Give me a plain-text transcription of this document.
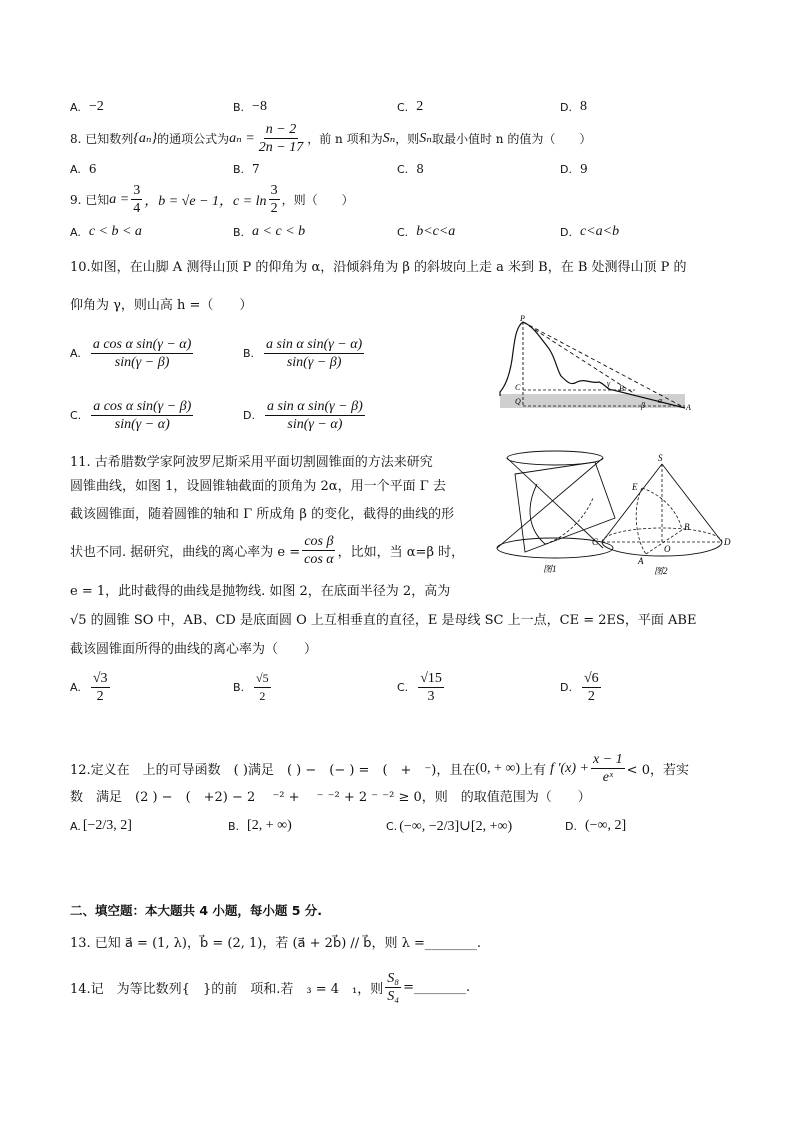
A. −2	B. −8	C. 2	D. 8
8. 已知数列 {aₙ} 的通项公式为 $a_n = \frac{n - 2}{2n - 17}$ ，前 n 项和为 Sₙ ，则 Sₙ 取最小值时 n 的值为（　　）
A. 6	B. 7	C. 8	D. 9
9. 已知 $a = \frac{3}{4}$ ，b = √e − 1，$c = \ln \frac{3}{2}$ ，则（　　）
A. c < b < a	B. a < c < b	C. b<c<a	D. c<a<b
10.如图，在山脚 A 测得山顶 P 的仰角为 α，沿倾斜角为 β 的斜坡向上走 a 米到 B，在 B 处测得山顶 P 的
仰角为 γ，则山高 h =（　　）
A. $\frac{\text{a cos α sin(γ − α)}}{\sin(\gamma - \beta)}$	B. $\frac{\text{a sin α sin(γ − α)}}{\sin(\gamma - \beta)}$
C. $\frac{\text{a cos α sin(γ − β)}}{\sin(\gamma - \alpha)}$	D. $\frac{\text{a sin α sin(γ − β)}}{\sin(\gamma - \alpha)}$
P
C
Q
B
A
γ
α
β
11. 古希腊数学家阿波罗尼斯采用平面切割圆锥面的方法来研究
圆锥曲线，如图 1，设圆锥轴截面的顶角为 2α，用一个平面 Γ 去
截该圆锥面，随着圆锥的轴和 Γ 所成角 β 的变化，截得的曲线的形
状也不同. 据研究，曲线的离心率为 $e = \frac{\text{cos β}}{\text{cos α}}$ ，比如，当 α=β 时，
e = 1，此时截得的曲线是抛物线. 如图 2，在底面半径为 2，高为
√5 的圆锥 SO 中，AB、CD 是底面圆 O 上互相垂直的直径，E 是母线 SC 上一点，CE = 2ES，平面 ABE
截该圆锥面所得的曲线的离心率为（　　）
图1
S
E
B
C
O
D
A
图2
A. $\frac{√3}{2}$	B. $\frac{√5}{2}$	C. $\frac{√15}{3}$	D. $\frac{√6}{2}$
12.定义在　上的可导函数　( )满足　( ) −　(− ) =　(　+　⁻)，且在 (0, + ∞) 上有 f $'(x) + \frac{x - 1}{\text{eˣ}} < 0$，若实
数　满足　(2 ) −　(　+2) − 2　 ⁻² +　 ⁻ ⁻² + 2 ⁻ ⁻² ≥ 0，则　的取值范围为（　　）
A. [−2/3, 2]	B. [2, + ∞)	C. (−∞, −2/3]∪[2, +∞)	D. (−∞, 2]
二、填空题：本大题共 4 小题，每小题 5 分.
13. 已知 a⃗ = (1, λ)，b⃗ = (2, 1)，若 (a⃗ + 2b⃗) // b⃗，则 λ =________.
14.记　为等比数列{　}的前　项和.若　₃ = 4　₁，则 $\frac{\text{S₈}}{\text{S₄}}$ =________.
